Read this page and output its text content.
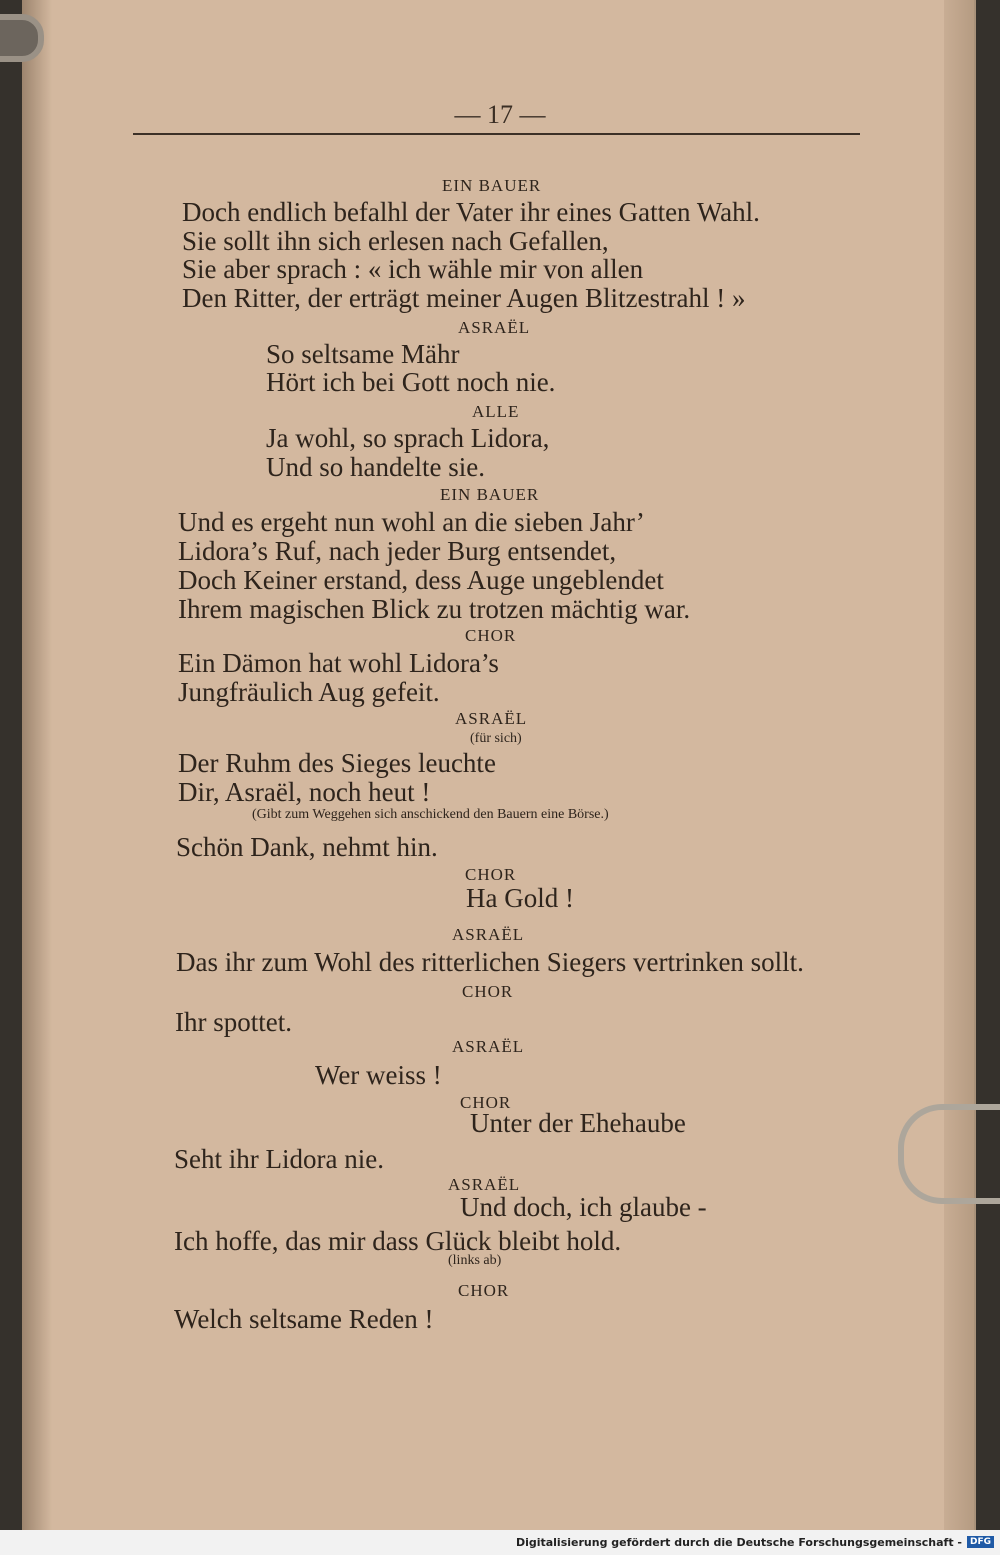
— 17 —
EIN BAUER
Doch endlich befalhl der Vater ihr eines Gatten Wahl.
Sie sollt ihn sich erlesen nach Gefallen,
Sie aber sprach : « ich wähle mir von allen
Den Ritter, der erträgt meiner Augen Blitzestrahl ! »
ASRAËL
So seltsame Mähr
Hört ich bei Gott noch nie.
ALLE
Ja wohl, so sprach Lidora,
Und so handelte sie.
EIN BAUER
Und es ergeht nun wohl an die sieben Jahr’
Lidora’s Ruf, nach jeder Burg entsendet,
Doch Keiner erstand, dess Auge ungeblendet
Ihrem magischen Blick zu trotzen mächtig war.
CHOR
Ein Dämon hat wohl Lidora’s
Jungfräulich Aug gefeit.
ASRAËL
(für sich)
Der Ruhm des Sieges leuchte
Dir, Asraël, noch heut !
(Gibt zum Weggehen sich anschickend den Bauern eine Börse.)
Schön Dank, nehmt hin.
CHOR
Ha Gold !
ASRAËL
Das ihr zum Wohl des ritterlichen Siegers vertrinken sollt.
CHOR
Ihr spottet.
ASRAËL
Wer weiss !
CHOR
Unter der Ehehaube
Seht ihr Lidora nie.
ASRAËL
Und doch, ich glaube -
Ich hoffe, das mir dass Glück bleibt hold.
(links ab)
CHOR
Welch seltsame Reden !
Digitalisierung gefördert durch die Deutsche Forschungsgemeinschaft - DFG
